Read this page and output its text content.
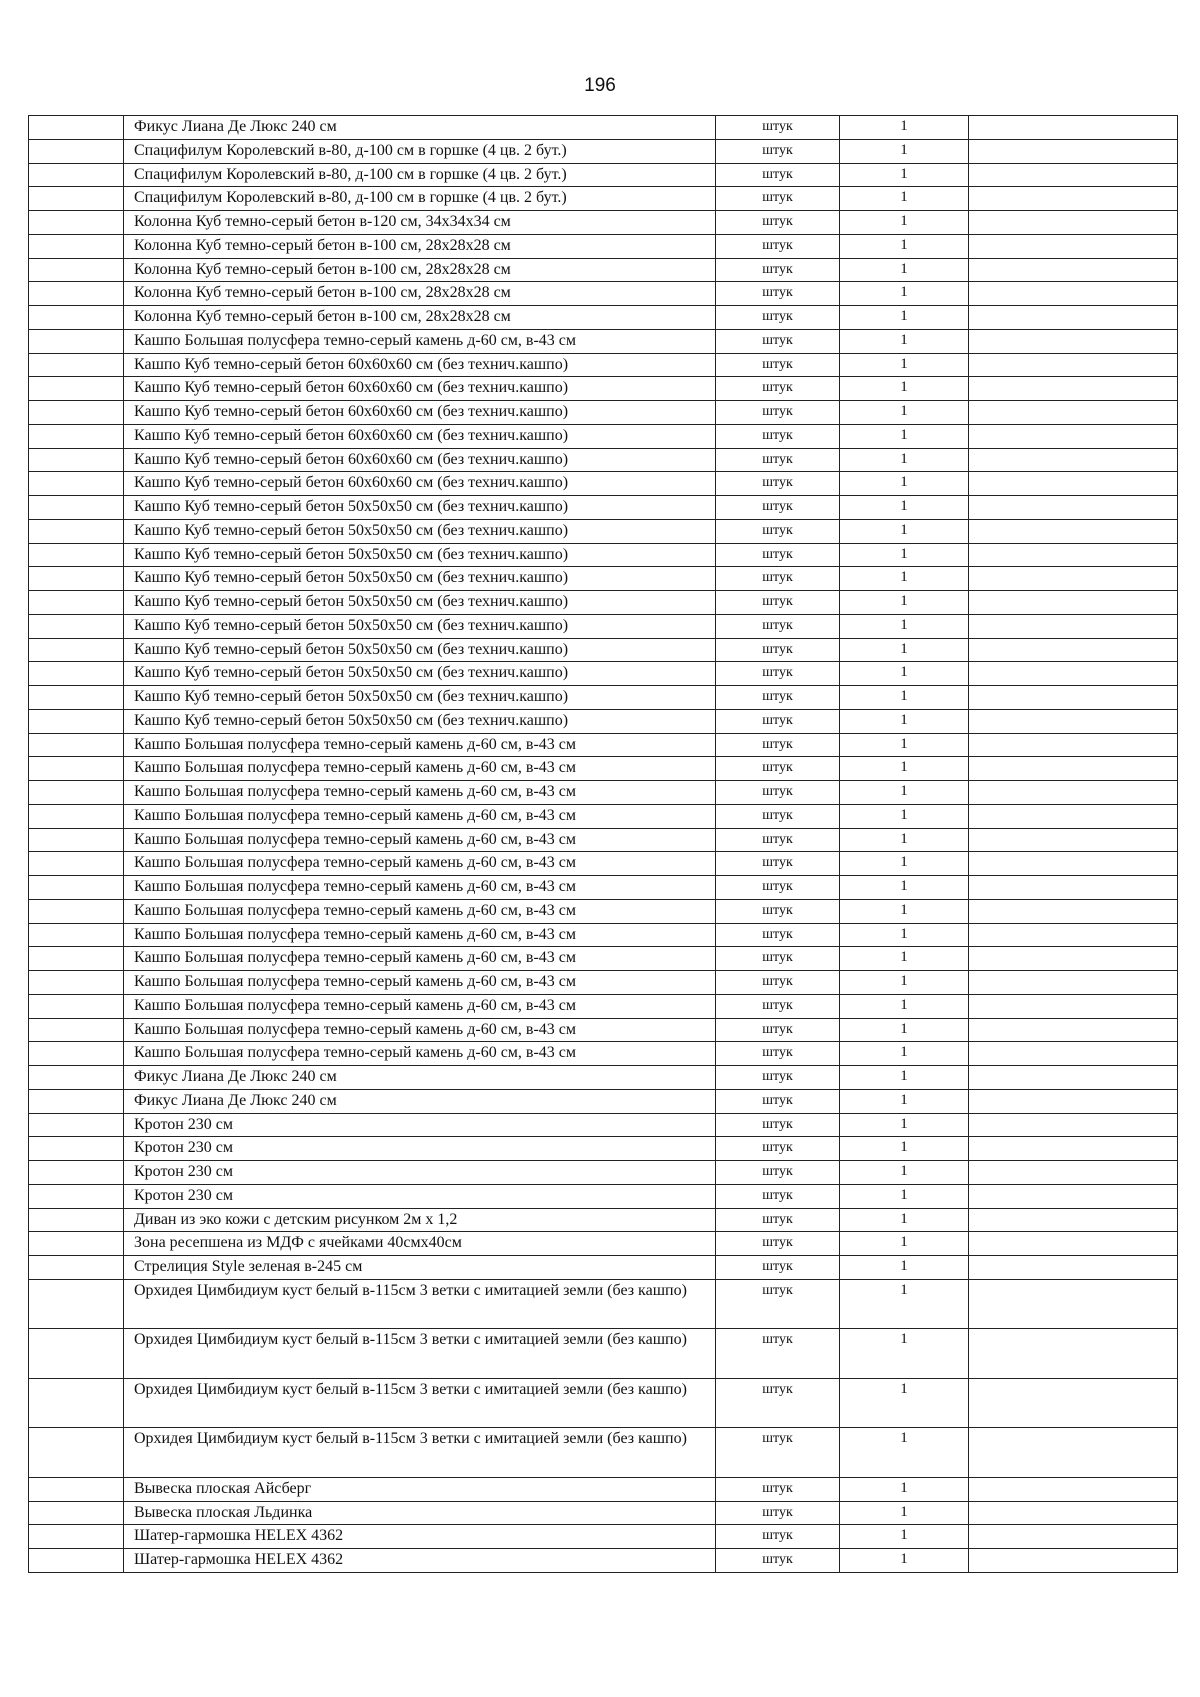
196
	Фикус Лиана Де Люкс 240 см	штук	1	
	Спацифилум Королевский в-80, д-100 см в горшке (4 цв. 2 бут.)	штук	1	
	Спацифилум Королевский в-80, д-100 см в горшке (4 цв. 2 бут.)	штук	1	
	Спацифилум Королевский в-80, д-100 см в горшке (4 цв. 2 бут.)	штук	1	
	Колонна Куб темно-серый бетон в-120 см, 34х34х34 см	штук	1	
	Колонна Куб темно-серый бетон в-100 см, 28х28х28 см	штук	1	
	Колонна Куб темно-серый бетон в-100 см, 28х28х28 см	штук	1	
	Колонна Куб темно-серый бетон в-100 см, 28х28х28 см	штук	1	
	Колонна Куб темно-серый бетон в-100 см, 28х28х28 см	штук	1	
	Кашпо Большая полусфера темно-серый камень д-60 см, в-43 см	штук	1	
	Кашпо Куб темно-серый бетон 60х60х60 см (без технич.кашпо)	штук	1	
	Кашпо Куб темно-серый бетон 60х60х60 см (без технич.кашпо)	штук	1	
	Кашпо Куб темно-серый бетон 60х60х60 см (без технич.кашпо)	штук	1	
	Кашпо Куб темно-серый бетон 60х60х60 см (без технич.кашпо)	штук	1	
	Кашпо Куб темно-серый бетон 60х60х60 см (без технич.кашпо)	штук	1	
	Кашпо Куб темно-серый бетон 60х60х60 см (без технич.кашпо)	штук	1	
	Кашпо Куб темно-серый бетон 50х50х50 см (без технич.кашпо)	штук	1	
	Кашпо Куб темно-серый бетон 50х50х50 см (без технич.кашпо)	штук	1	
	Кашпо Куб темно-серый бетон 50х50х50 см (без технич.кашпо)	штук	1	
	Кашпо Куб темно-серый бетон 50х50х50 см (без технич.кашпо)	штук	1	
	Кашпо Куб темно-серый бетон 50х50х50 см (без технич.кашпо)	штук	1	
	Кашпо Куб темно-серый бетон 50х50х50 см (без технич.кашпо)	штук	1	
	Кашпо Куб темно-серый бетон 50х50х50 см (без технич.кашпо)	штук	1	
	Кашпо Куб темно-серый бетон 50х50х50 см (без технич.кашпо)	штук	1	
	Кашпо Куб темно-серый бетон 50х50х50 см (без технич.кашпо)	штук	1	
	Кашпо Куб темно-серый бетон 50х50х50 см (без технич.кашпо)	штук	1	
	Кашпо Большая полусфера темно-серый камень д-60 см, в-43 см	штук	1	
	Кашпо Большая полусфера темно-серый камень д-60 см, в-43 см	штук	1	
	Кашпо Большая полусфера темно-серый камень д-60 см, в-43 см	штук	1	
	Кашпо Большая полусфера темно-серый камень д-60 см, в-43 см	штук	1	
	Кашпо Большая полусфера темно-серый камень д-60 см, в-43 см	штук	1	
	Кашпо Большая полусфера темно-серый камень д-60 см, в-43 см	штук	1	
	Кашпо Большая полусфера темно-серый камень д-60 см, в-43 см	штук	1	
	Кашпо Большая полусфера темно-серый камень д-60 см, в-43 см	штук	1	
	Кашпо Большая полусфера темно-серый камень д-60 см, в-43 см	штук	1	
	Кашпо Большая полусфера темно-серый камень д-60 см, в-43 см	штук	1	
	Кашпо Большая полусфера темно-серый камень д-60 см, в-43 см	штук	1	
	Кашпо Большая полусфера темно-серый камень д-60 см, в-43 см	штук	1	
	Кашпо Большая полусфера темно-серый камень д-60 см, в-43 см	штук	1	
	Кашпо Большая полусфера темно-серый камень д-60 см, в-43 см	штук	1	
	Фикус Лиана Де Люкс 240 см	штук	1	
	Фикус Лиана Де Люкс 240 см	штук	1	
	Кротон 230 см	штук	1	
	Кротон 230 см	штук	1	
	Кротон 230 см	штук	1	
	Кротон 230 см	штук	1	
	Диван из эко кожи с детским рисунком 2м х 1,2	штук	1	
	Зона ресепшена из МДФ с ячейками 40смх40см	штук	1	
	Стрелиция Style зеленая в-245 см	штук	1	
	Орхидея Цимбидиум куст белый в-115см 3 ветки с имитацией земли (без кашпо)	штук	1	
	Орхидея Цимбидиум куст белый в-115см 3 ветки с имитацией земли (без кашпо)	штук	1	
	Орхидея Цимбидиум куст белый в-115см 3 ветки с имитацией земли (без кашпо)	штук	1	
	Орхидея Цимбидиум куст белый в-115см 3 ветки с имитацией земли (без кашпо)	штук	1	
	Вывеска плоская Айсберг	штук	1	
	Вывеска плоская Льдинка	штук	1	
	Шатер-гармошка HELEX 4362	штук	1	
	Шатер-гармошка HELEX 4362	штук	1	
